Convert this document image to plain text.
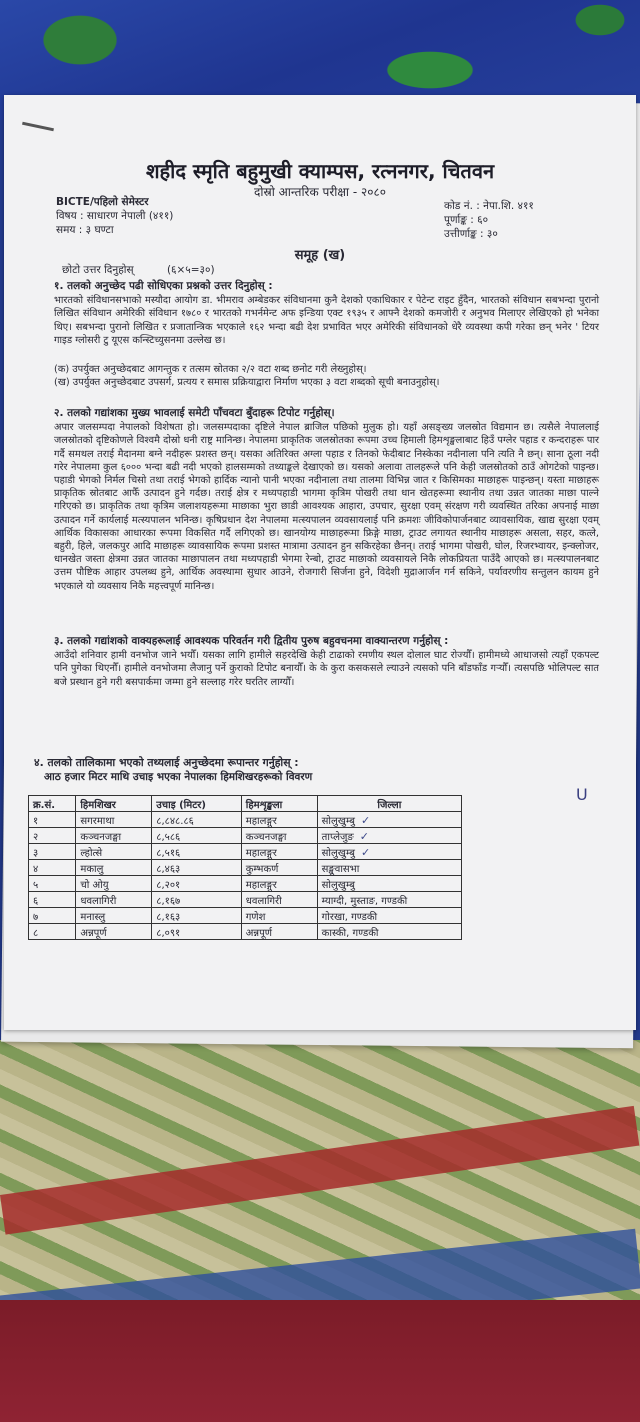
शहीद स्मृति बहुमुखी क्याम्पस, रत्ननगर, चितवन
दोस्रो आन्तरिक परीक्षा - २०८०
BICTE/पहिलो सेमेस्टर
विषय : साधारण नेपाली (४११)
समय : ३ घण्टा
कोड नं. : नेपा.शि. ४११
पूर्णाङ्क : ६०
उत्तीर्णाङ्क : ३०
समूह (ख)
छोटो उत्तर दिनुहोस्	(६×५=३०)
१. तलको अनुच्छेद पढी सोधिएका प्रश्नको उत्तर दिनुहोस् :

भारतको संविधानसभाको मस्यौदा आयोग डा. भीमराव अम्बेडकर संविधानमा कुनै देशको एकाधिकार र पेटेन्ट राइट हुँदैन, भारतको संविधान सबभन्दा पुरानो लिखित संविधान अमेरिकी संविधान १७८० र भारतको गभर्नमेन्ट अफ इन्डिया एक्ट १९३५ र आफ्नै देशको कमजोरी र अनुभव मिलाएर लेखिएको हो भनेका थिए। सबभन्दा पुरानो लिखित र प्रजातान्त्रिक भएकाले १६२ भन्दा बढी देश प्रभावित भएर अमेरिकी संविधानको धेरै व्यवस्था कपी गरेका छन् भनेर ' टियर गाइड ग्लोसरी टु यूएस कन्स्टिच्युसनमा उल्लेख छ।

(क) उपर्युक्त अनुच्छेदबाट आगन्तुक र तत्सम स्रोतका २/२ वटा शब्द छनोट गरी लेख्नुहोस्।
(ख) उपर्युक्त अनुच्छेदबाट उपसर्ग, प्रत्यय र समास प्रक्रियाद्वारा निर्माण भएका ३ वटा शब्दको सूची बनाउनुहोस्।
२. तलको गद्यांशका मुख्य भावलाई समेटी पाँचवटा बुँदाहरू टिपोट गर्नुहोस्।

अपार जलसम्पदा नेपालको विशेषता हो। जलसम्पदाका दृष्टिले नेपाल ब्राजिल पछिको मुलुक हो। यहाँ असङ्ख्य जलस्रोत विद्यमान छ। त्यसैले नेपाललाई जलस्रोतको दृष्टिकोणले विश्वमै दोस्रो धनी राष्ट्र मानिन्छ। नेपालमा प्राकृतिक जलस्रोतका रूपमा उच्च हिमाली हिमशृङ्खलाबाट हिउँ पग्लेर पहाड र कन्दराहरू पार गर्दै समथल तराई मैदानमा बग्ने नदीहरू प्रशस्त छन्। यसका अतिरिक्त अग्ला पहाड र तिनको फेदीबाट निस्केका नदीनाला पनि त्यति नै छन्। साना ठूला नदी गरेर नेपालमा कुल ६००० भन्दा बढी नदी भएको हालसम्मको तथ्याङ्कले देखाएको छ। यसको अलावा तालहरूले पनि केही जलस्रोतको ठाउँ ओगटेको पाइन्छ। पहाडी भेगको निर्मल चिसो तथा तराई भेगको हार्दिक न्यानो पानी भएका नदीनाला तथा तालमा विभिन्न जात र किसिमका माछाहरू पाइन्छन्। यस्ता माछाहरू प्राकृतिक स्रोतबाट आफैँ उत्पादन हुने गर्दछ। तराई क्षेत्र र मध्यपहाडी भागमा कृत्रिम पोखरी तथा धान खेतहरूमा स्थानीय तथा उन्नत जातका माछा पाल्ने गरिएको छ। प्राकृतिक तथा कृत्रिम जलाशयहरूमा माछाका भुरा छाडी आवश्यक आहारा, उपचार, सुरक्षा एवम् संरक्षण गरी व्यवस्थित तरिका अपनाई माछा उत्पादन गर्ने कार्यलाई मत्स्यपालन भनिन्छ। कृषिप्रधान देश नेपालमा मत्स्यपालन व्यवसायलाई पनि क्रमशः जीविकोपार्जनबाट व्यावसायिक, खाद्य सुरक्षा एवम् आर्थिक विकासका आधारका रूपमा विकसित गर्दै लगिएको छ। खानयोग्य माछाहरूमा फ्रिङ्गे माछा, ट्राउट लगायत स्थानीय माछाहरू असला, सहर, कत्ले, बहुरी, हिले, जलकपुर आदि माछाहरू व्यावसायिक रूपमा प्रशस्त मात्रामा उत्पादन हुन सकिरहेका छैनन्। तराई भागमा पोखरी, घोल, रिजरभ्वायर, इन्क्लोजर, धानखेत जस्ता क्षेत्रमा उन्नत जातका माछापालन तथा मध्यपहाडी भेगमा रेन्बो, ट्राउट माछाको व्यवसायले निकै लोकप्रियता पाउँदै आएको छ। मत्स्यपालनबाट उत्तम पौष्टिक आहार उपलब्ध हुने, आर्थिक अवस्थामा सुधार आउने, रोजगारी सिर्जना हुने, विदेशी मुद्राआर्जन गर्न सकिने, पर्यावरणीय सन्तुलन कायम हुने भएकाले यो व्यवसाय निकै महत्त्वपूर्ण मानिन्छ।

३. तलको गद्यांशको वाक्यहरूलाई आवश्यक परिवर्तन गरी द्वितीय पुरुष बहुवचनमा वाक्यान्तरण गर्नुहोस् :

आउँदो शनिवार हामी वनभोज जाने भयौँ। यसका लागि हामीले सहरदेखि केही टाढाको रमणीय स्थल दोलाल घाट रोज्यौँ। हामीमध्ये आधाजसो त्यहाँ एकपल्ट पनि पुगेका थिएनौँ। हामीले वनभोजमा लैजानु पर्ने कुराको टिपोट बनायौँ। के के कुरा कसकसले ल्याउने त्यसको पनि बाँडफाँड गऱ्यौँ। त्यसपछि भोलिपल्ट सात बजे प्रस्थान हुने गरी बसपार्कमा जम्मा हुने सल्लाह गरेर घरतिर लाग्यौँ।

४. तलको तालिकामा भएको तथ्यलाई अनुच्छेदमा रूपान्तर गर्नुहोस् :
आठ हजार मिटर माथि उचाइ भएका नेपालका हिमशिखरहरूको विवरण
क्र.सं.	हिमशिखर	उचाइ (मिटर)	हिमशृङ्खला	जिल्ला
१	सगरमाथा	८,८४८.८६	महालङ्गुर	सोलुखुम्बु ✓
२	कञ्चनजङ्घा	८,५८६	कञ्चनजङ्घा	ताप्लेजुङ ✓
३	ल्होत्से	८,५१६	महालङ्गुर	सोलुखुम्बु ✓
४	मकालु	८,४६३	कुम्भकर्ण	सङ्खुवासभा
५	चो ओयु	८,२०१	महालङ्गुर	सोलुखुम्बु
६	धवलागिरी	८,१६७	धवलागिरी	म्याग्दी, मुस्ताङ, गण्डकी
७	मनास्लु	८,१६३	गणेश	गोरखा, गण्डकी
८	अन्नपूर्ण	८,०९१	अन्नपूर्ण	कास्की, गण्डकी
U
